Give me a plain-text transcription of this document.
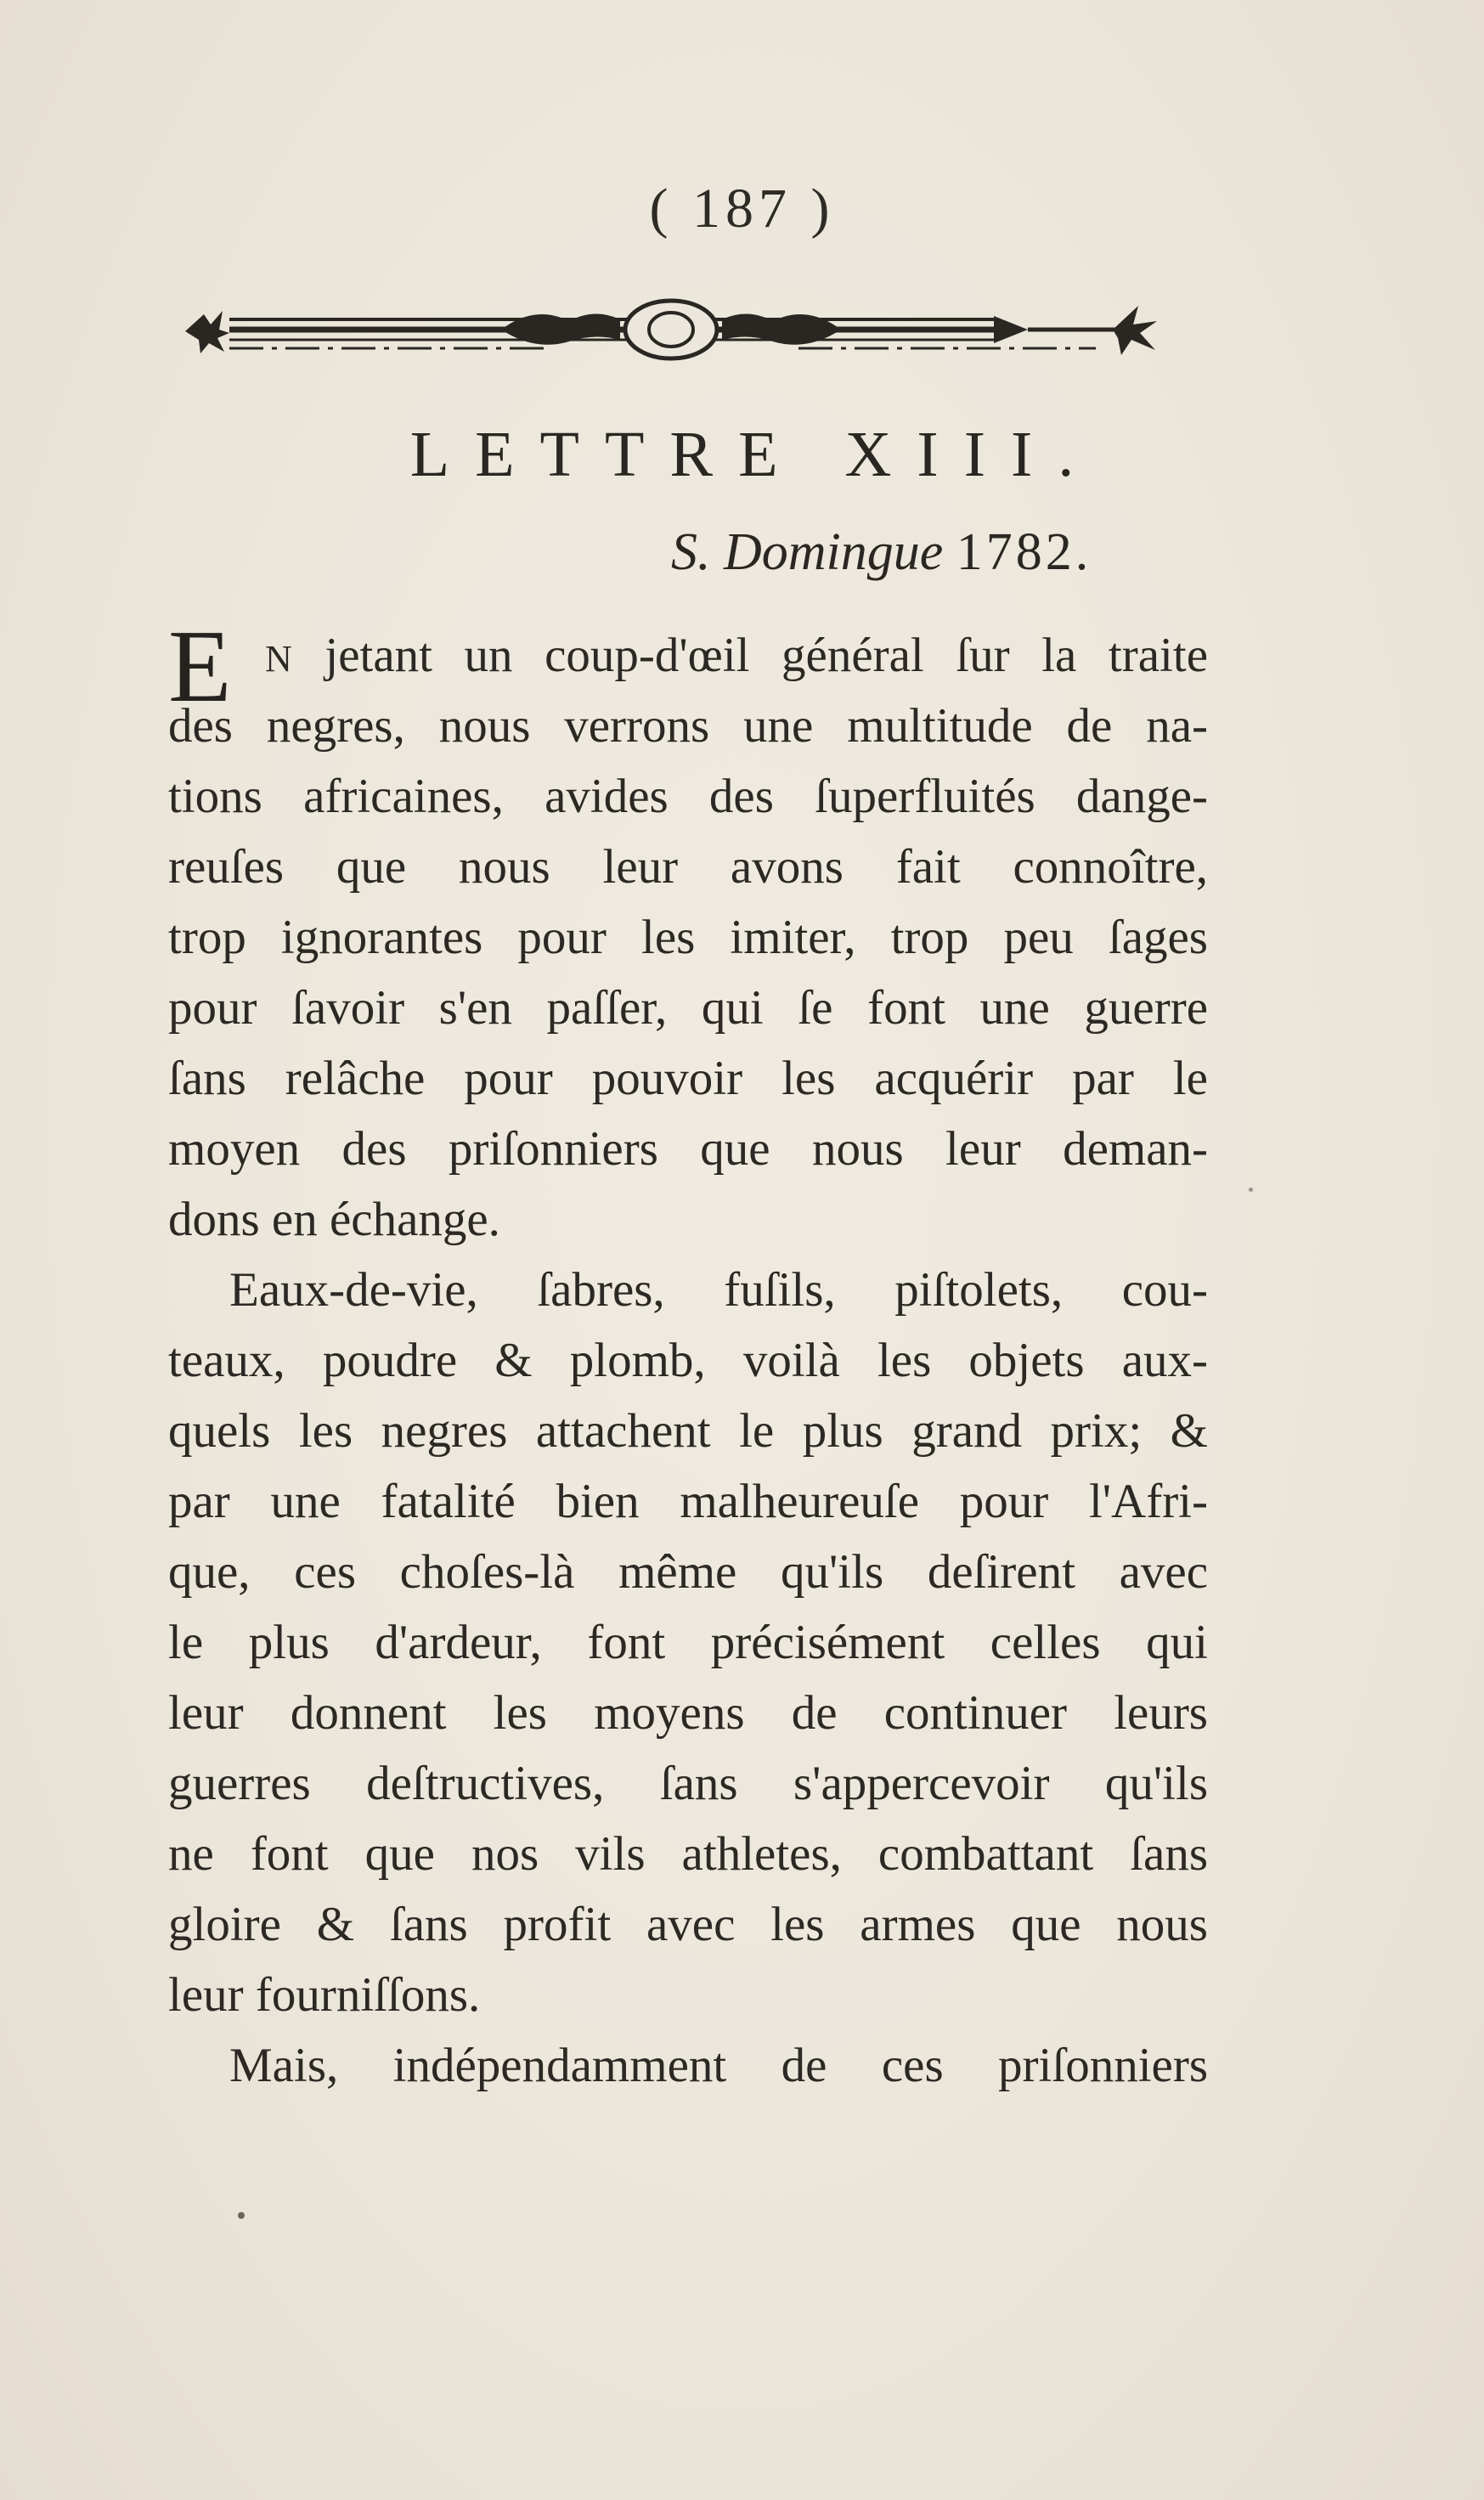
( 187 )
LETTRE XIII.
S. Domingue 1782.
E N jetant un coup-d'œil général ſur la traite
des negres, nous verrons une multitude de na-
tions africaines, avides des ſuperfluités dange-
reuſes que nous leur avons fait connoître,
trop ignorantes pour les imiter, trop peu ſages
pour ſavoir s'en paſſer, qui ſe font une guerre
ſans relâche pour pouvoir les acquérir par le
moyen des priſonniers que nous leur deman-
dons en échange.
Eaux-de-vie, ſabres, fuſils, piſtolets, cou-
teaux, poudre & plomb, voilà les objets aux-
quels les negres attachent le plus grand prix; &
par une fatalité bien malheureuſe pour l'Afri-
que, ces choſes-là même qu'ils deſirent avec
le plus d'ardeur, font précisément celles qui
leur donnent les moyens de continuer leurs
guerres deſtructives, ſans s'appercevoir qu'ils
ne font que nos vils athletes, combattant ſans
gloire & ſans profit avec les armes que nous
leur fourniſſons.
Mais, indépendamment de ces priſonniers
